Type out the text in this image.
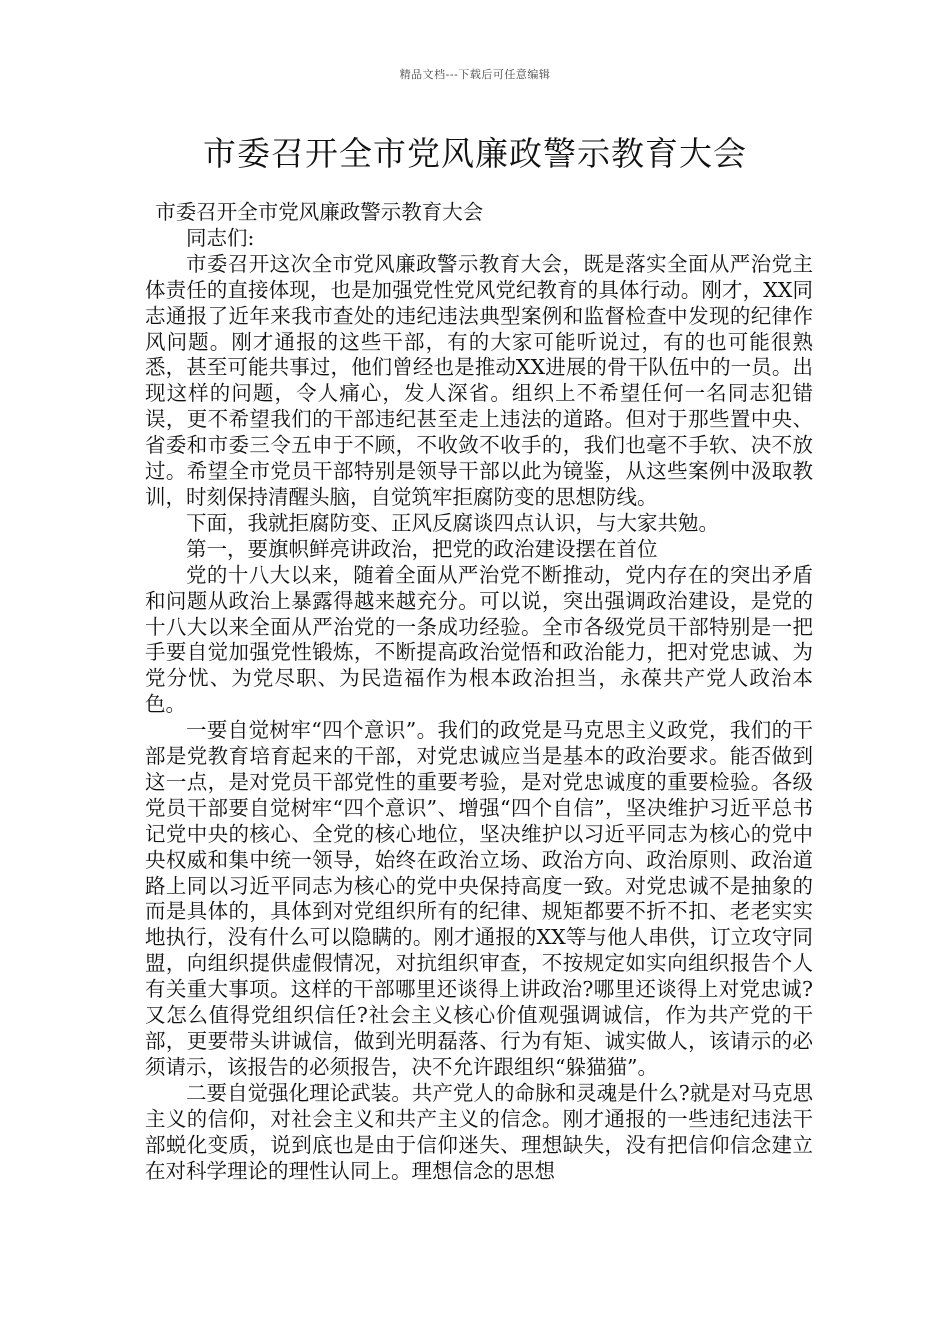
精品文档---下载后可任意编辑
市委召开全市党风廉政警示教育大会

市委召开全市党风廉政警示教育大会

同志们:

市委召开这次全市党风廉政警示教育大会，既是落实全面从严治党主体责任的直接体现，也是加强党性党风党纪教育的具体行动。刚才，XX同志通报了近年来我市查处的违纪违法典型案例和监督检查中发现的纪律作风问题。刚才通报的这些干部，有的大家可能听说过，有的也可能很熟悉，甚至可能共事过，他们曾经也是推动XX进展的骨干队伍中的一员。出现这样的问题，令人痛心，发人深省。组织上不希望任何一名同志犯错误，更不希望我们的干部违纪甚至走上违法的道路。但对于那些置中央、省委和市委三令五申于不顾，不收敛不收手的，我们也毫不手软、决不放过。希望全市党员干部特别是领导干部以此为镜鉴，从这些案例中汲取教训，时刻保持清醒头脑，自觉筑牢拒腐防变的思想防线。

下面，我就拒腐防变、正风反腐谈四点认识，与大家共勉。

第一，要旗帜鲜亮讲政治，把党的政治建设摆在首位

党的十八大以来，随着全面从严治党不断推动，党内存在的突出矛盾和问题从政治上暴露得越来越充分。可以说，突出强调政治建设，是党的十八大以来全面从严治党的一条成功经验。全市各级党员干部特别是一把手要自觉加强党性锻炼，不断提高政治觉悟和政治能力，把对党忠诚、为党分忧、为党尽职、为民造福作为根本政治担当，永葆共产党人政治本色。

一要自觉树牢“四个意识”。我们的政党是马克思主义政党，我们的干部是党教育培育起来的干部，对党忠诚应当是基本的政治要求。能否做到这一点，是对党员干部党性的重要考验，是对党忠诚度的重要检验。各级党员干部要自觉树牢“四个意识”、增强“四个自信”，坚决维护习近平总书记党中央的核心、全党的核心地位，坚决维护以习近平同志为核心的党中央权威和集中统一领导，始终在政治立场、政治方向、政治原则、政治道路上同以习近平同志为核心的党中央保持高度一致。对党忠诚不是抽象的而是具体的，具体到对党组织所有的纪律、规矩都要不折不扣、老老实实地执行，没有什么可以隐瞒的。刚才通报的XX等与他人串供，订立攻守同盟，向组织提供虚假情况，对抗组织审查，不按规定如实向组织报告个人有关重大事项。这样的干部哪里还谈得上讲政治?哪里还谈得上对党忠诚?又怎么值得党组织信任?社会主义核心价值观强调诚信，作为共产党的干部，更要带头讲诚信，做到光明磊落、行为有矩、诚实做人，该请示的必须请示，该报告的必须报告，决不允许跟组织“躲猫猫”。

二要自觉强化理论武装。共产党人的命脉和灵魂是什么?就是对马克思主义的信仰，对社会主义和共产主义的信念。刚才通报的一些违纪违法干部蜕化变质，说到底也是由于信仰迷失、理想缺失，没有把信仰信念建立在对科学理论的理性认同上。理想信念的思想
